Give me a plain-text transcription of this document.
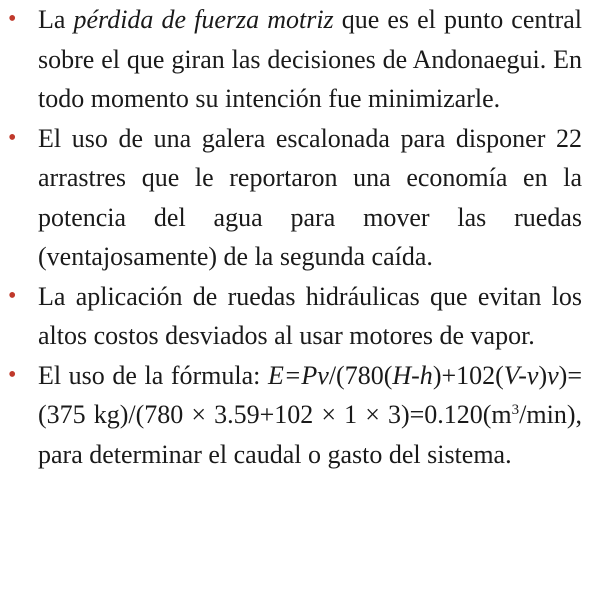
• La pérdida de fuerza motriz que es el punto central sobre el que giran las decisiones de Andonaegui. En todo momento su intención fue minimizarle.
• El uso de una galera escalonada para disponer 22 arrastres que le reportaron una economía en la potencia del agua para mover las ruedas (ventajosamente) de la segunda caída.
• La aplicación de ruedas hidráulicas que evitan los altos costos desviados al usar motores de vapor.
• El uso de la fórmula: E=Pv/(780(H-h)+102(V-v)v)=(375 $kg)/(780 \times 3.59+102 \times 1 \times 3)=0.120(m^3/\min)$, para determinar el caudal o gasto del sistema.
